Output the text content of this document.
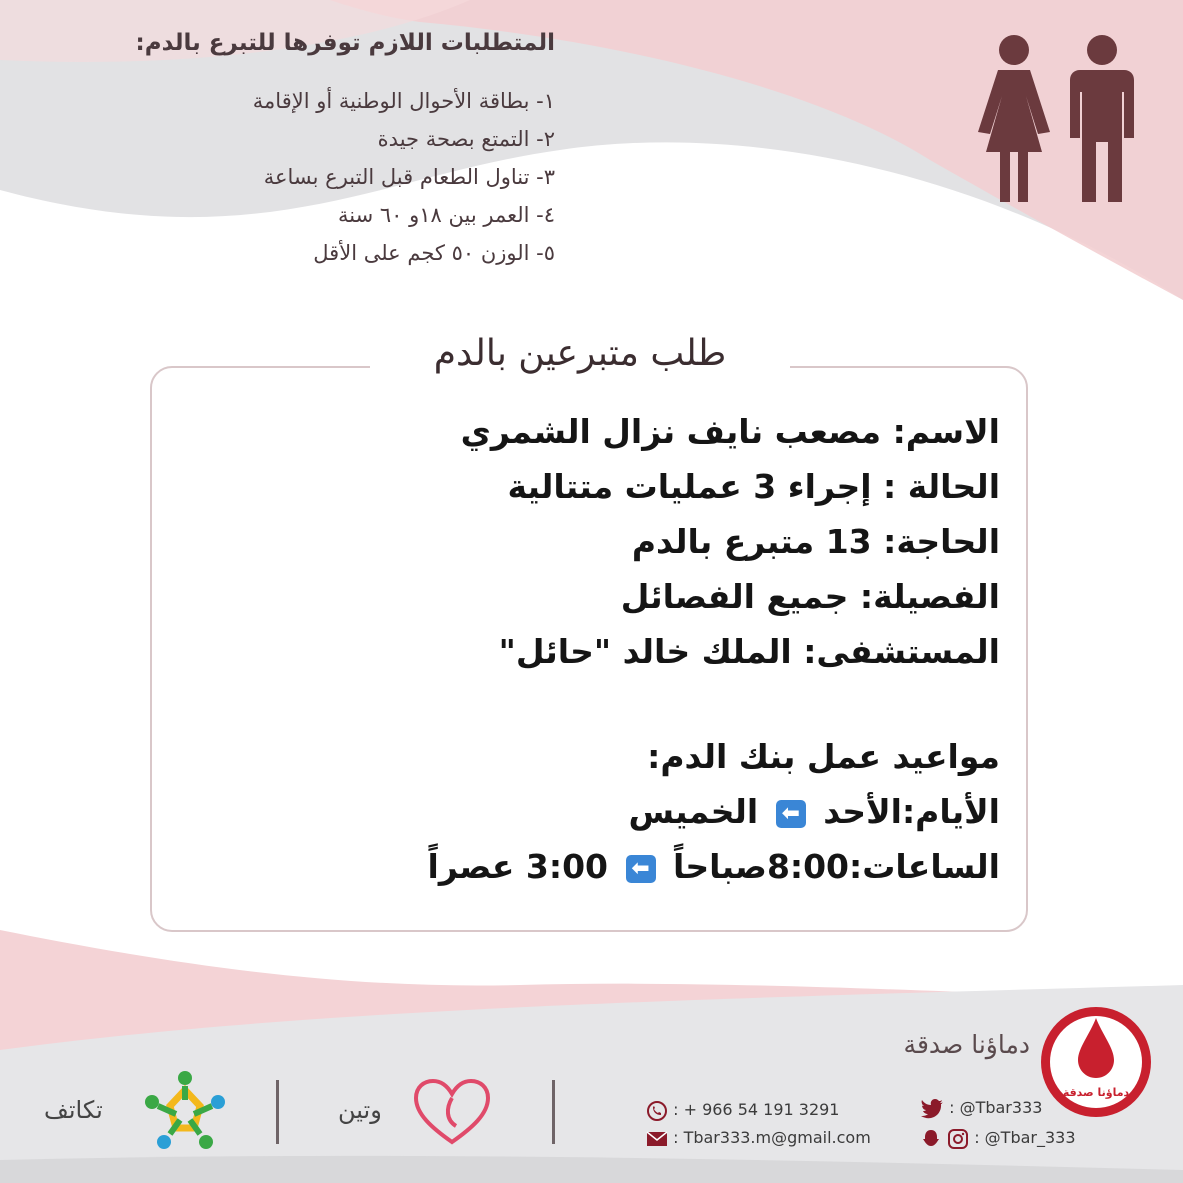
المتطلبات اللازم توفرها للتبرع بالدم:
١- بطاقة الأحوال الوطنية أو الإقامة
٢- التمتع بصحة جيدة
٣- تناول الطعام قبل التبرع بساعة
٤- العمر بين ١٨و ٦٠ سنة
٥- الوزن ٥٠ كجم على الأقل
طلب متبرعين بالدم
الاسم: مصعب نايف نزال الشمري
الحالة : إجراء 3 عمليات متتالية
الحاجة: 13 متبرع بالدم
الفصيلة: جميع الفصائل
المستشفى: الملك خالد "حائل"
مواعيد عمل بنك الدم:
الأيام:الأحد ⬅ الخميس
الساعات:8:00صباحاً ⬅ 3:00 عصراً
دماؤنا صدقة
دماؤنا صدقة
: + 966 54 191 3291
: Tbar333.m@gmail.com
: @Tbar333
: @Tbar_333
وتين
تكاتف
